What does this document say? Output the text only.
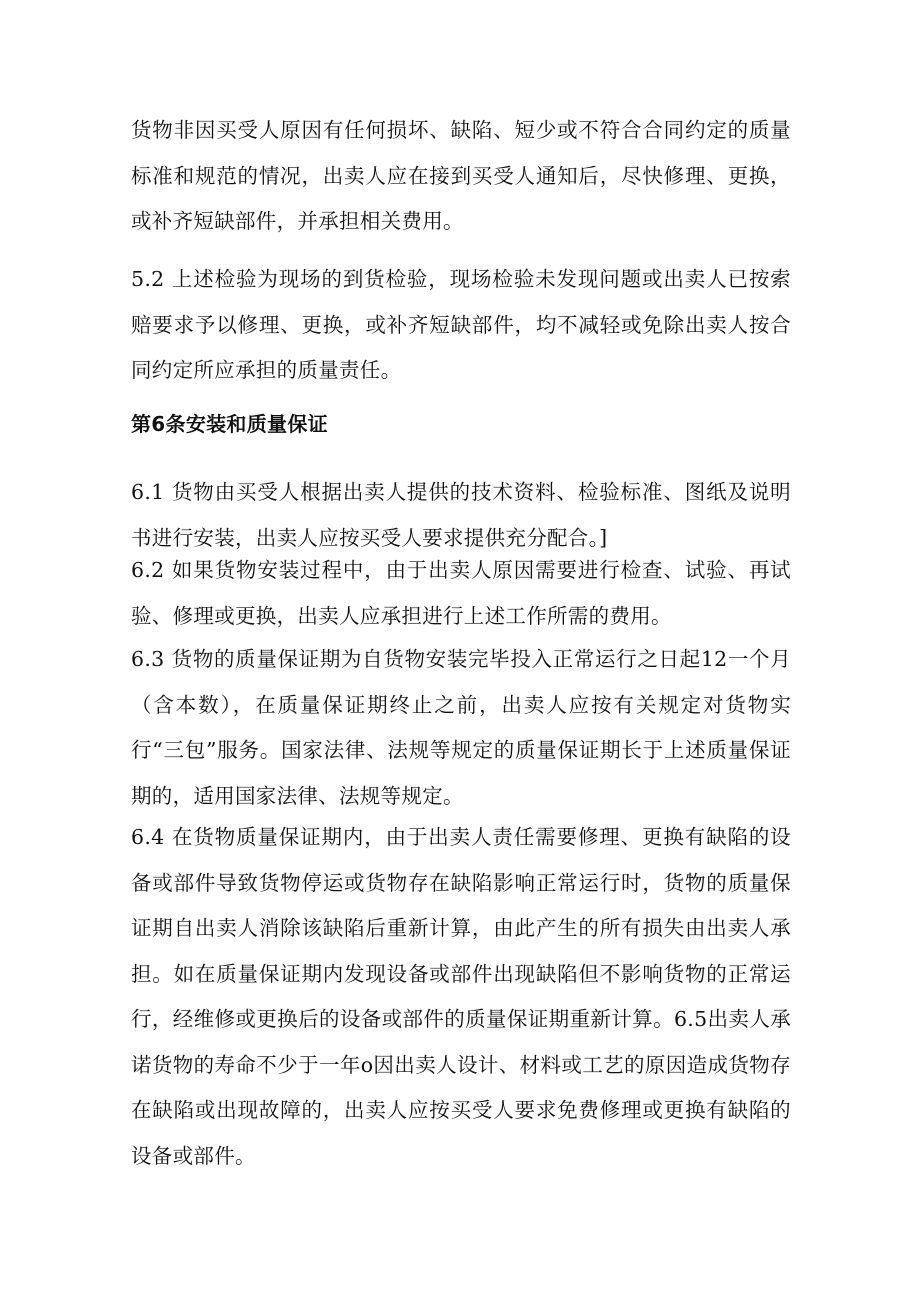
货物非因买受人原因有任何损坏、缺陷、短少或不符合合同约定的质量标准和规范的情况，出卖人应在接到买受人通知后，尽快修理、更换，或补齐短缺部件，并承担相关费用。

5.2 上述检验为现场的到货检验，现场检验未发现问题或出卖人已按索赔要求予以修理、更换，或补齐短缺部件，均不减轻或免除出卖人按合同约定所应承担的质量责任。

第6条安装和质量保证

6.1 货物由买受人根据出卖人提供的技术资料、检验标准、图纸及说明书进行安装，出卖人应按买受人要求提供充分配合。]

6.2 如果货物安装过程中，由于出卖人原因需要进行检查、试验、再试验、修理或更换，出卖人应承担进行上述工作所需的费用。

6.3 货物的质量保证期为自货物安装完毕投入正常运行之日起12一个月（含本数），在质量保证期终止之前，出卖人应按有关规定对货物实行“三包”服务。国家法律、法规等规定的质量保证期长于上述质量保证期的，适用国家法律、法规等规定。

6.4 在货物质量保证期内，由于出卖人责任需要修理、更换有缺陷的设备或部件导致货物停运或货物存在缺陷影响正常运行时，货物的质量保证期自出卖人消除该缺陷后重新计算，由此产生的所有损失由出卖人承担。如在质量保证期内发现设备或部件出现缺陷但不影响货物的正常运行，经维修或更换后的设备或部件的质量保证期重新计算。6.5出卖人承诺货物的寿命不少于一年o因出卖人设计、材料或工艺的原因造成货物存在缺陷或出现故障的，出卖人应按买受人要求免费修理或更换有缺陷的设备或部件。
